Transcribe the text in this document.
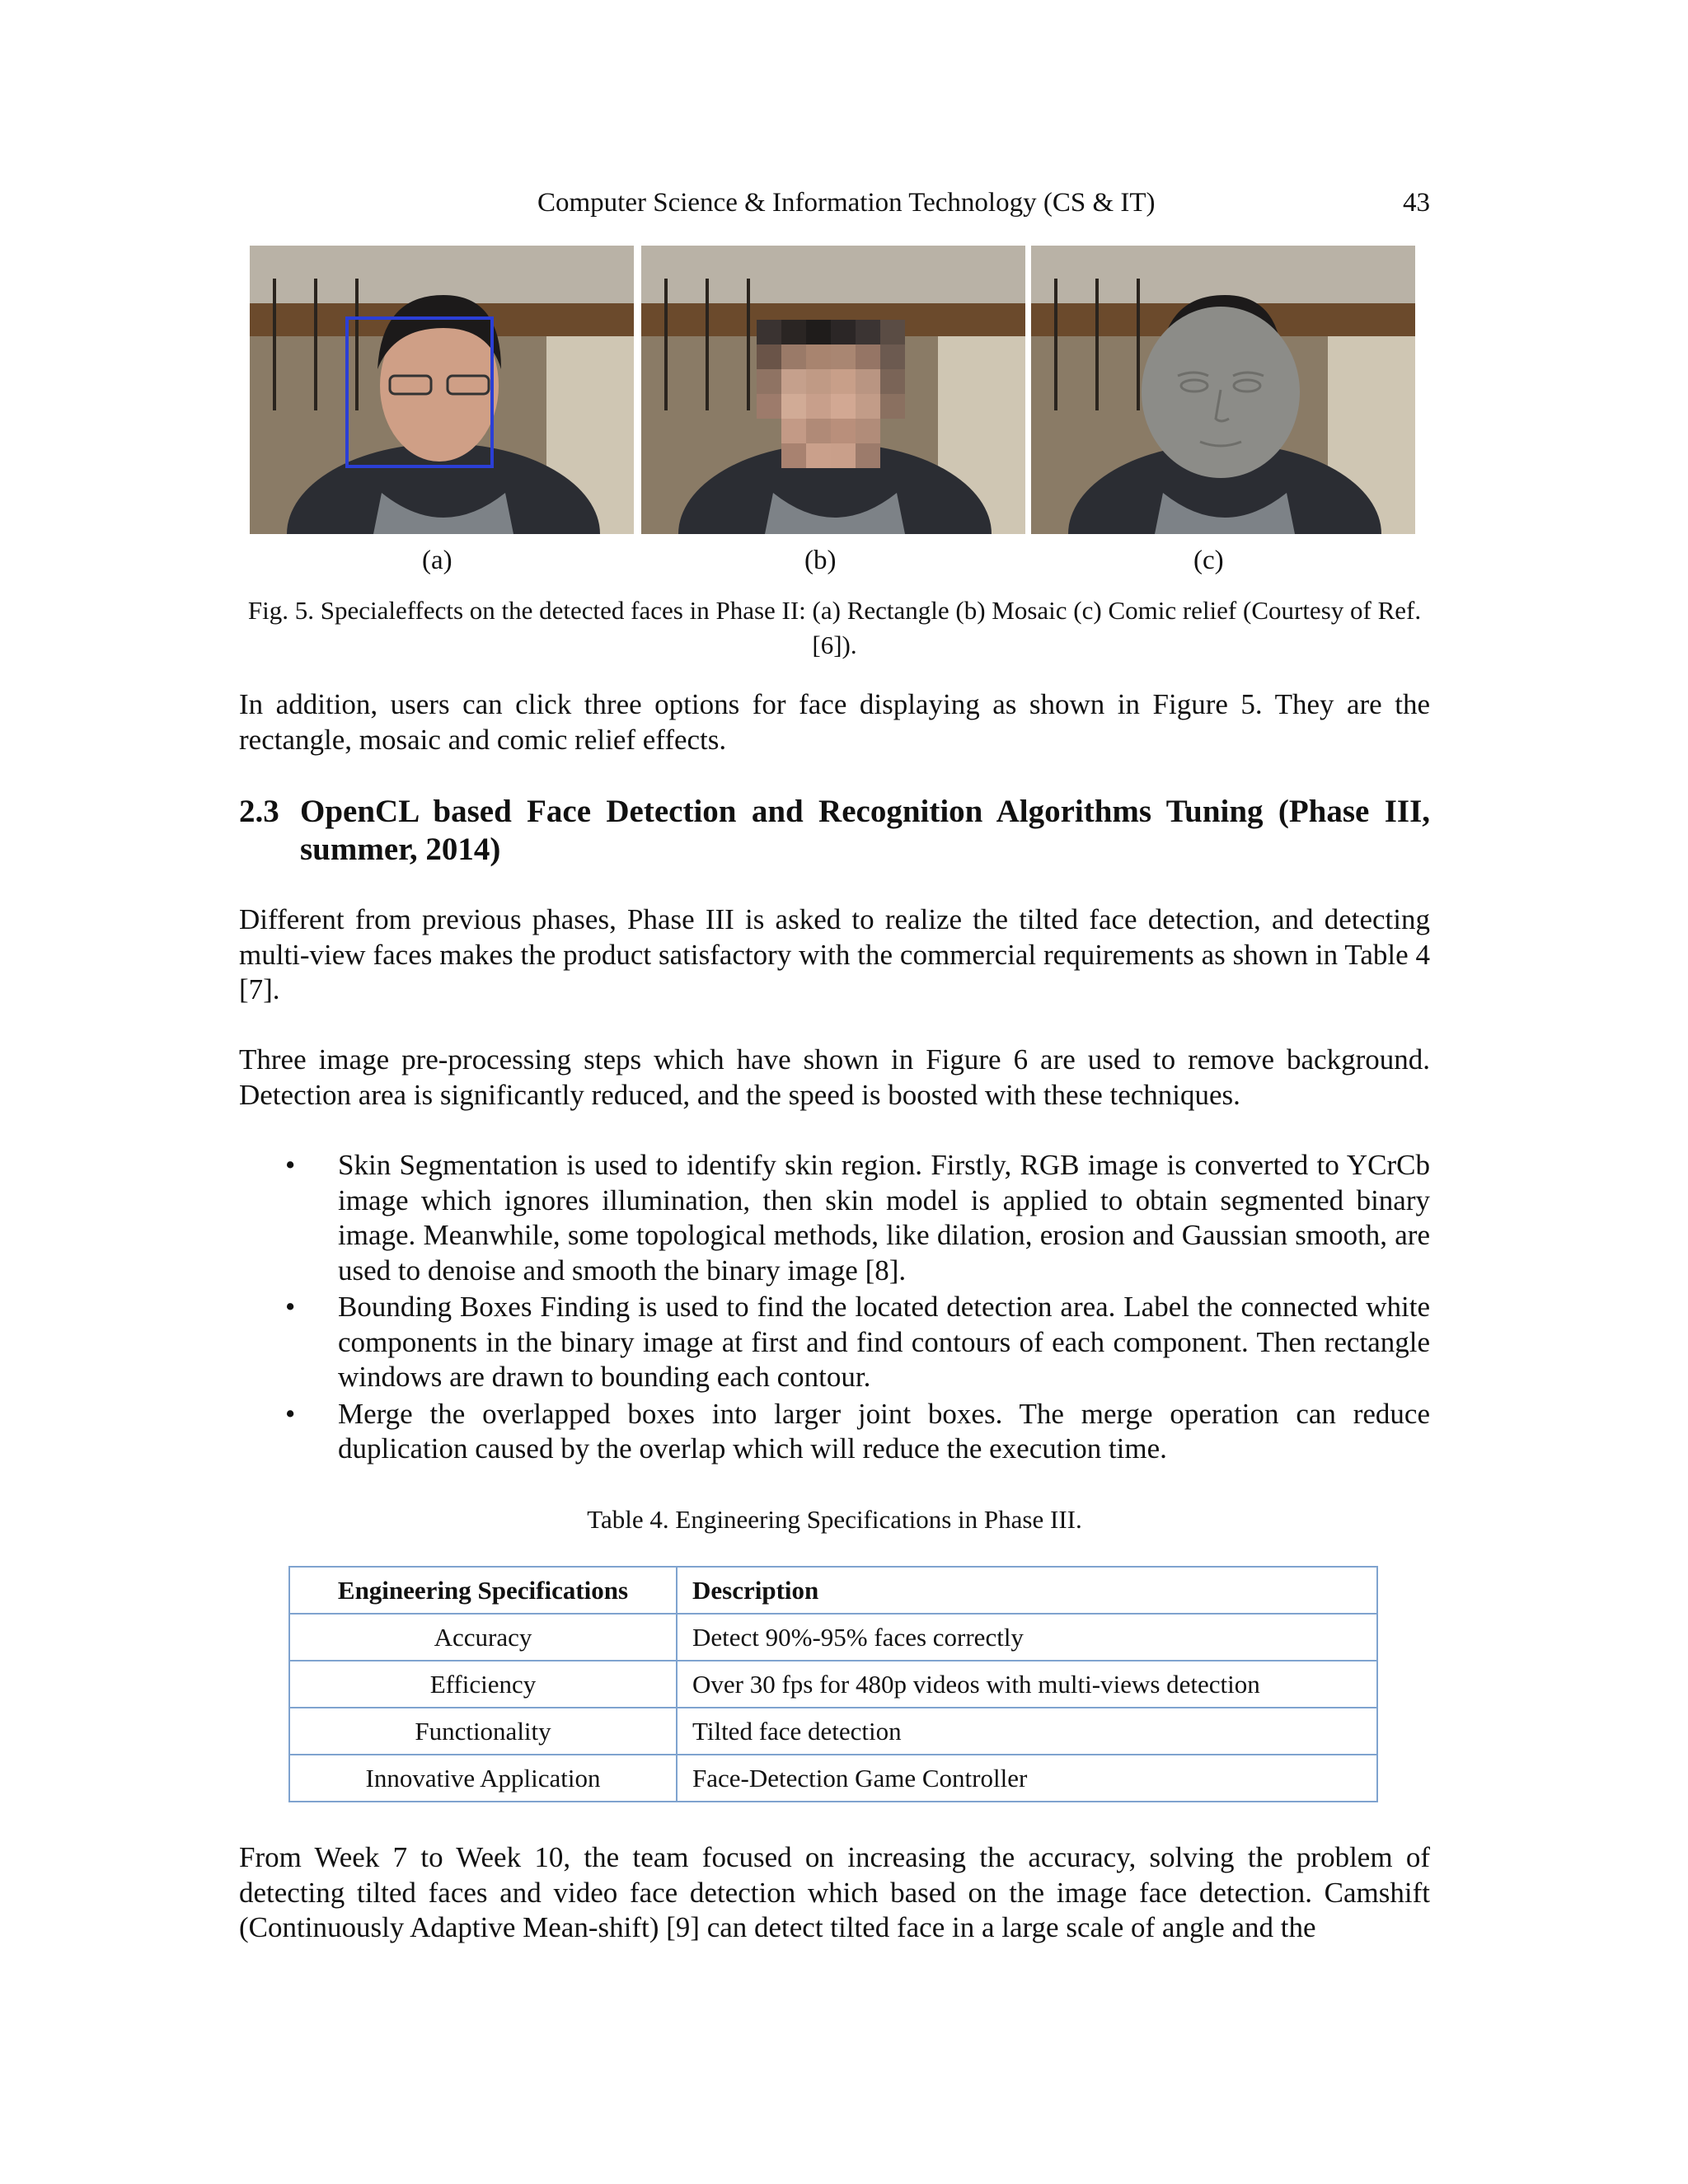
Computer Science & Information Technology (CS & IT)	43
(a)	(b)	(c)
Fig. 5. Specialeffects on the detected faces in Phase II: (a) Rectangle (b) Mosaic (c) Comic relief (Courtesy of Ref. [6]).

In addition, users can click three options for face displaying as shown in Figure 5. They are the rectangle, mosaic and comic relief effects.

2.3 OpenCL based Face Detection and Recognition Algorithms Tuning (Phase III, summer, 2014)

Different from previous phases, Phase III is asked to realize the tilted face detection, and detecting multi-view faces makes the product satisfactory with the commercial requirements as shown in Table 4 [7].

Three image pre-processing steps which have shown in Figure 6 are used to remove background. Detection area is significantly reduced, and the speed is boosted with these techniques.

• Skin Segmentation is used to identify skin region. Firstly, RGB image is converted to YCrCb image which ignores illumination, then skin model is applied to obtain segmented binary image. Meanwhile, some topological methods, like dilation, erosion and Gaussian smooth, are used to denoise and smooth the binary image [8].
• Bounding Boxes Finding is used to find the located detection area. Label the connected white components in the binary image at first and find contours of each component. Then rectangle windows are drawn to bounding each contour.
• Merge the overlapped boxes into larger joint boxes. The merge operation can reduce duplication caused by the overlap which will reduce the execution time.
Table 4. Engineering Specifications in Phase III.
Engineering Specifications	Description
Accuracy	Detect 90%-95% faces correctly
Efficiency	Over 30 fps for 480p videos with multi-views detection
Functionality	Tilted face detection
Innovative Application	Face-Detection Game Controller

From Week 7 to Week 10, the team focused on increasing the accuracy, solving the problem of detecting tilted faces and video face detection which based on the image face detection. Camshift (Continuously Adaptive Mean-shift) [9] can detect tilted face in a large scale of angle and the
